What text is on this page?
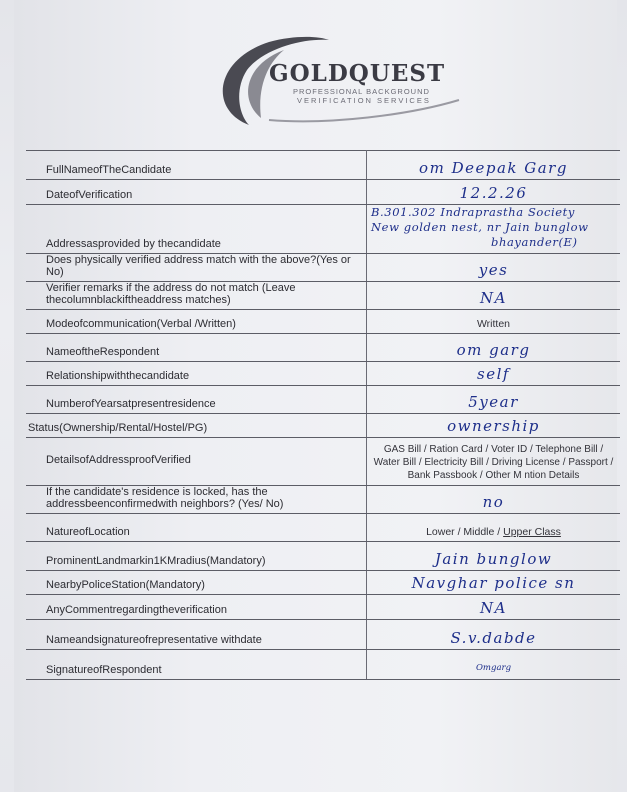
GOLDQUEST
PROFESSIONAL BACKGROUND
VERIFICATION SERVICES
FullNameofTheCandidate	om Deepak Garg
DateofVerification	12.2.26
Addressasprovided by thecandidate	B.301.302 Indraprastha Society
New golden nest, nr Jain bunglow
bhayander(E)
Does physically verified address match with the above?(Yes or No)	yes
Verifier remarks if the address do not match (Leave thecolumnblackiftheaddress matches)	NA
Modeofcommunication(Verbal /Written)	Written
NameoftheRespondent	om garg
Relationshipwiththecandidate	self
NumberofYearsatpresentresidence	5year
Status(Ownership/Rental/Hostel/PG)	ownership
DetailsofAddressproofVerified	GAS Bill / Ration Card / Voter ID / Telephone Bill / Water Bill / Electricity Bill / Driving License / Passport / Bank Passbook / Other M ntion Details
If the candidate's residence is locked, has the addressbeenconfirmedwith neighbors? (Yes/ No)	no
NatureofLocation	Lower / Middle / Upper Class
ProminentLandmarkin1KMradius(Mandatory)	Jain bunglow
NearbyPoliceStation(Mandatory)	Navghar police sn
AnyCommentregardingtheverification	NA
Nameandsignatureofrepresentative withdate	S.v.dabde
SignatureofRespondent	Omgarg
